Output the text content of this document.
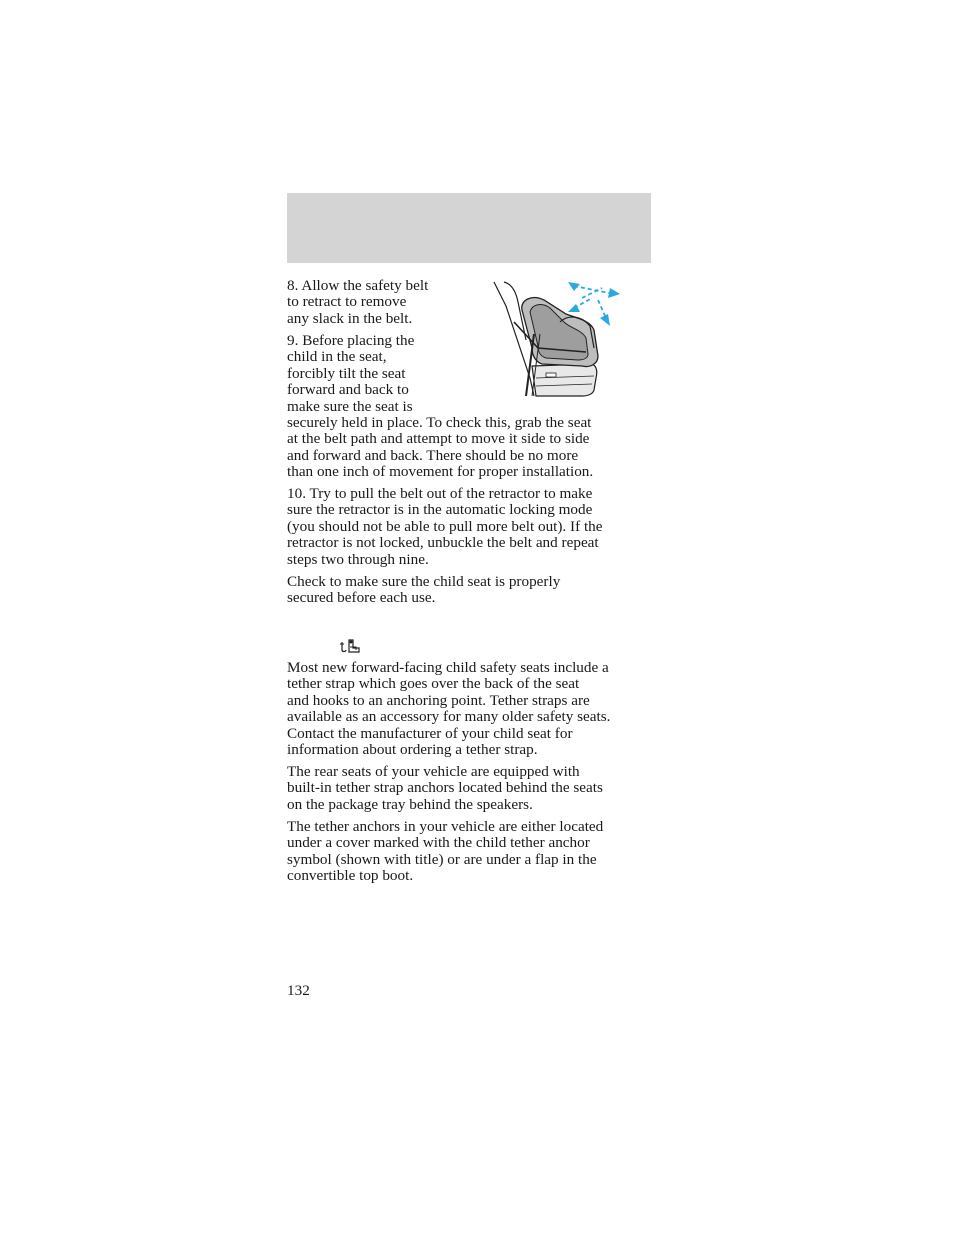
8. Allow the safety belt
to retract to remove
any slack in the belt.
9. Before placing the
child in the seat,
forcibly tilt the seat
forward and back to
make sure the seat is
securely held in place. To check this, grab the seat
at the belt path and attempt to move it side to side
and forward and back. There should be no more
than one inch of movement for proper installation.
10. Try to pull the belt out of the retractor to make
sure the retractor is in the automatic locking mode
(you should not be able to pull more belt out). If the
retractor is not locked, unbuckle the belt and repeat
steps two through nine.
Check to make sure the child seat is properly
secured before each use.
Most new forward-facing child safety seats include a
tether strap which goes over the back of the seat
and hooks to an anchoring point. Tether straps are
available as an accessory for many older safety seats.
Contact the manufacturer of your child seat for
information about ordering a tether strap.
The rear seats of your vehicle are equipped with
built-in tether strap anchors located behind the seats
on the package tray behind the speakers.
The tether anchors in your vehicle are either located
under a cover marked with the child tether anchor
symbol (shown with title) or are under a flap in the
convertible top boot.
132
